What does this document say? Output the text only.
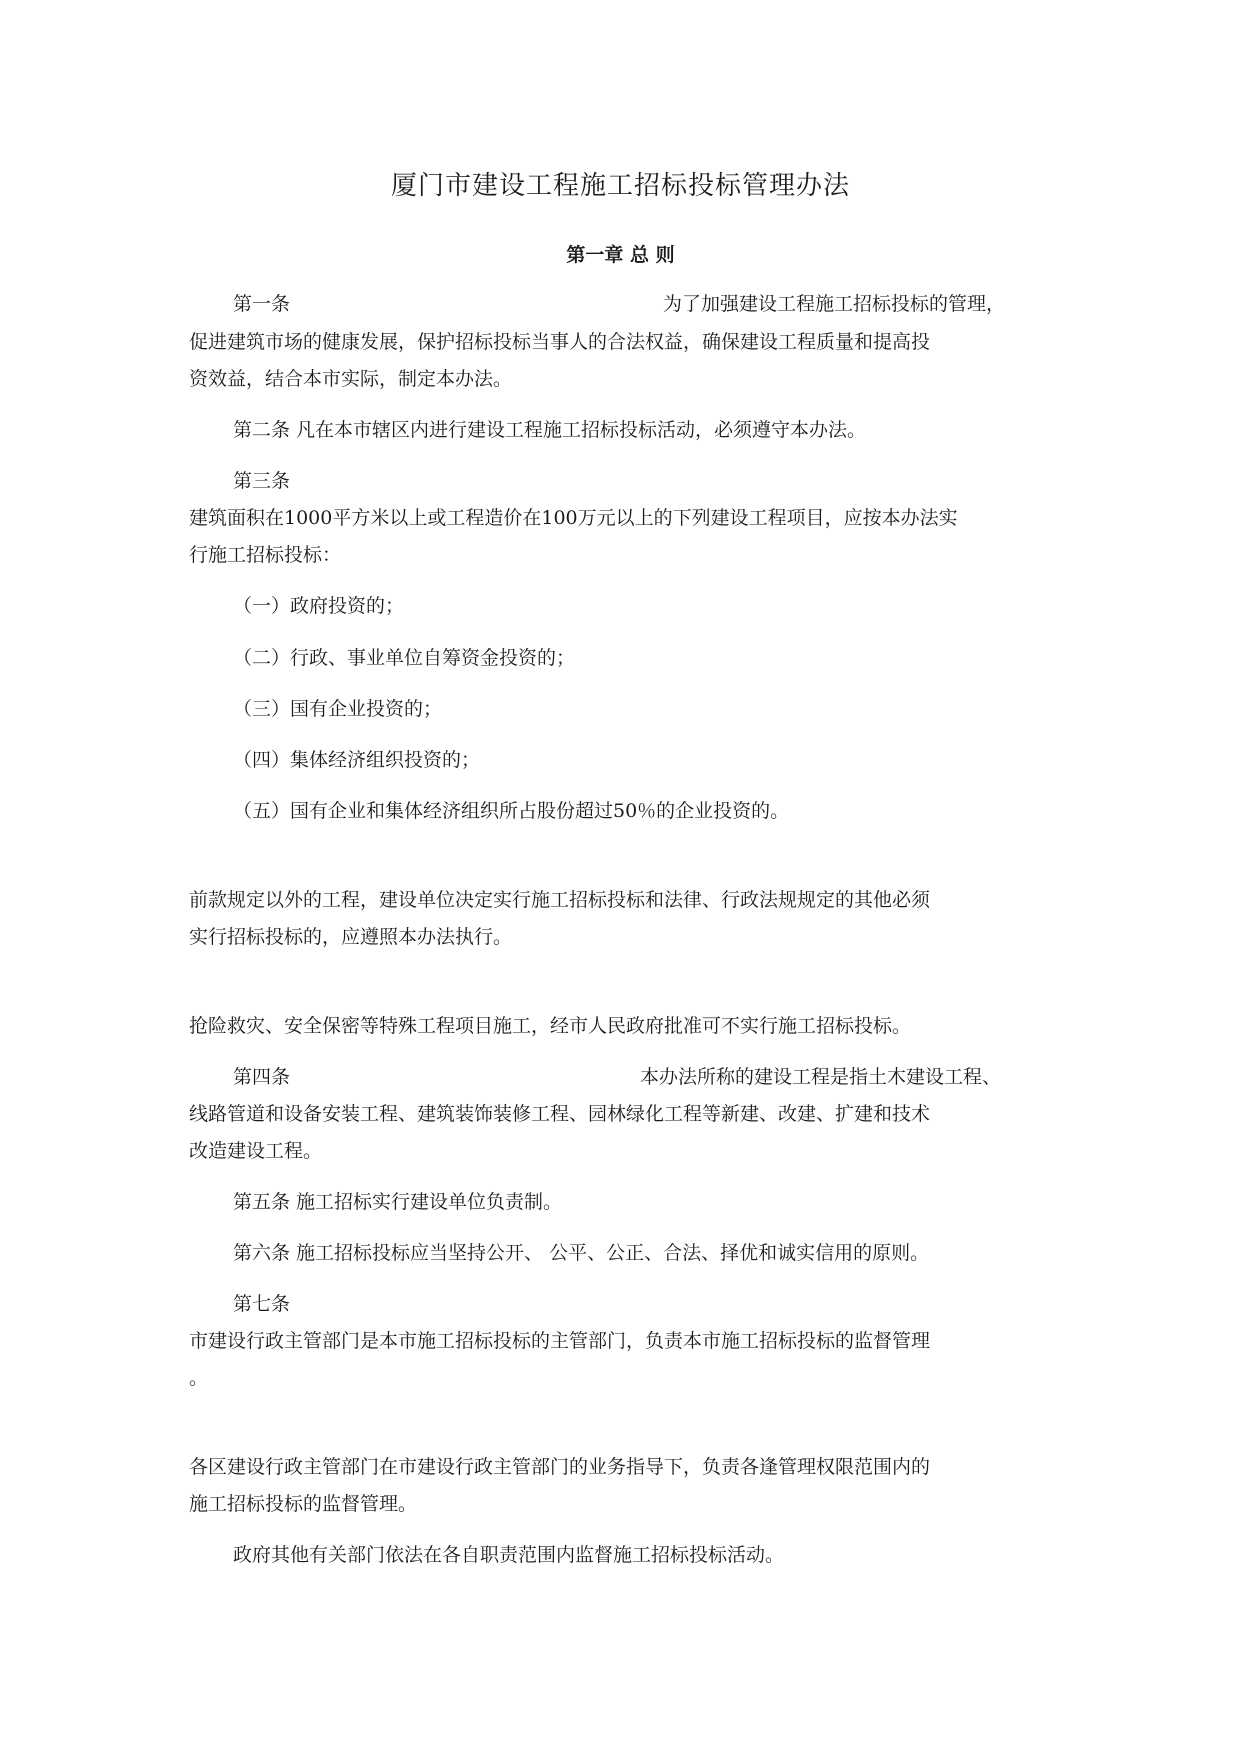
厦门市建设工程施工招标投标管理办法
第一章 总 则
第一条	为了加强建设工程施工招标投标的管理，
促进建筑市场的健康发展，保护招标投标当事人的合法权益，确保建设工程质量和提高投
资效益，结合本市实际，制定本办法。
第二条 凡在本市辖区内进行建设工程施工招标投标活动，必须遵守本办法。
第三条
建筑面积在1000平方米以上或工程造价在100万元以上的下列建设工程项目，应按本办法实
行施工招标投标：
（一）政府投资的；
（二）行政、事业单位自筹资金投资的；
（三）国有企业投资的；
（四）集体经济组织投资的；
（五）国有企业和集体经济组织所占股份超过50％的企业投资的。
前款规定以外的工程，建设单位决定实行施工招标投标和法律、行政法规规定的其他必须
实行招标投标的，应遵照本办法执行。
抢险救灾、安全保密等特殊工程项目施工，经市人民政府批准可不实行施工招标投标。
第四条	本办法所称的建设工程是指土木建设工程、
线路管道和设备安装工程、建筑装饰装修工程、园林绿化工程等新建、改建、扩建和技术
改造建设工程。
第五条 施工招标实行建设单位负责制。
第六条 施工招标投标应当坚持公开、 公平、公正、合法、择优和诚实信用的原则。
第七条
市建设行政主管部门是本市施工招标投标的主管部门，负责本市施工招标投标的监督管理
。
各区建设行政主管部门在市建设行政主管部门的业务指导下，负责各逢管理权限范围内的
施工招标投标的监督管理。
政府其他有关部门依法在各自职责范围内监督施工招标投标活动。
